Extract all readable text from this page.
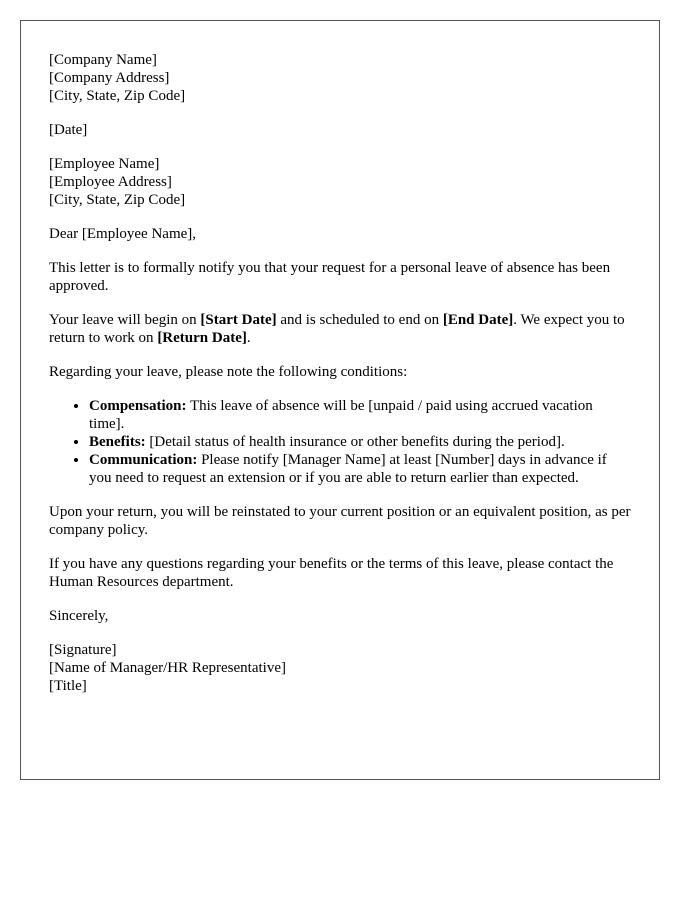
[Company Name]
[Company Address]
[City, State, Zip Code]
[Date]
[Employee Name]
[Employee Address]
[City, State, Zip Code]

Dear [Employee Name],

This letter is to formally notify you that your request for a personal leave of absence has been approved.

Your leave will begin on [Start Date] and is scheduled to end on [End Date]. We expect you to return to work on [Return Date].

Regarding your leave, please note the following conditions:

• Compensation: This leave of absence will be [unpaid / paid using accrued vacation time].
• Benefits: [Detail status of health insurance or other benefits during the period].
• Communication: Please notify [Manager Name] at least [Number] days in advance if you need to request an extension or if you are able to return earlier than expected.

Upon your return, you will be reinstated to your current position or an equivalent position, as per company policy.

If you have any questions regarding your benefits or the terms of this leave, please contact the Human Resources department.

Sincerely,

[Signature]
[Name of Manager/HR Representative]
[Title]
